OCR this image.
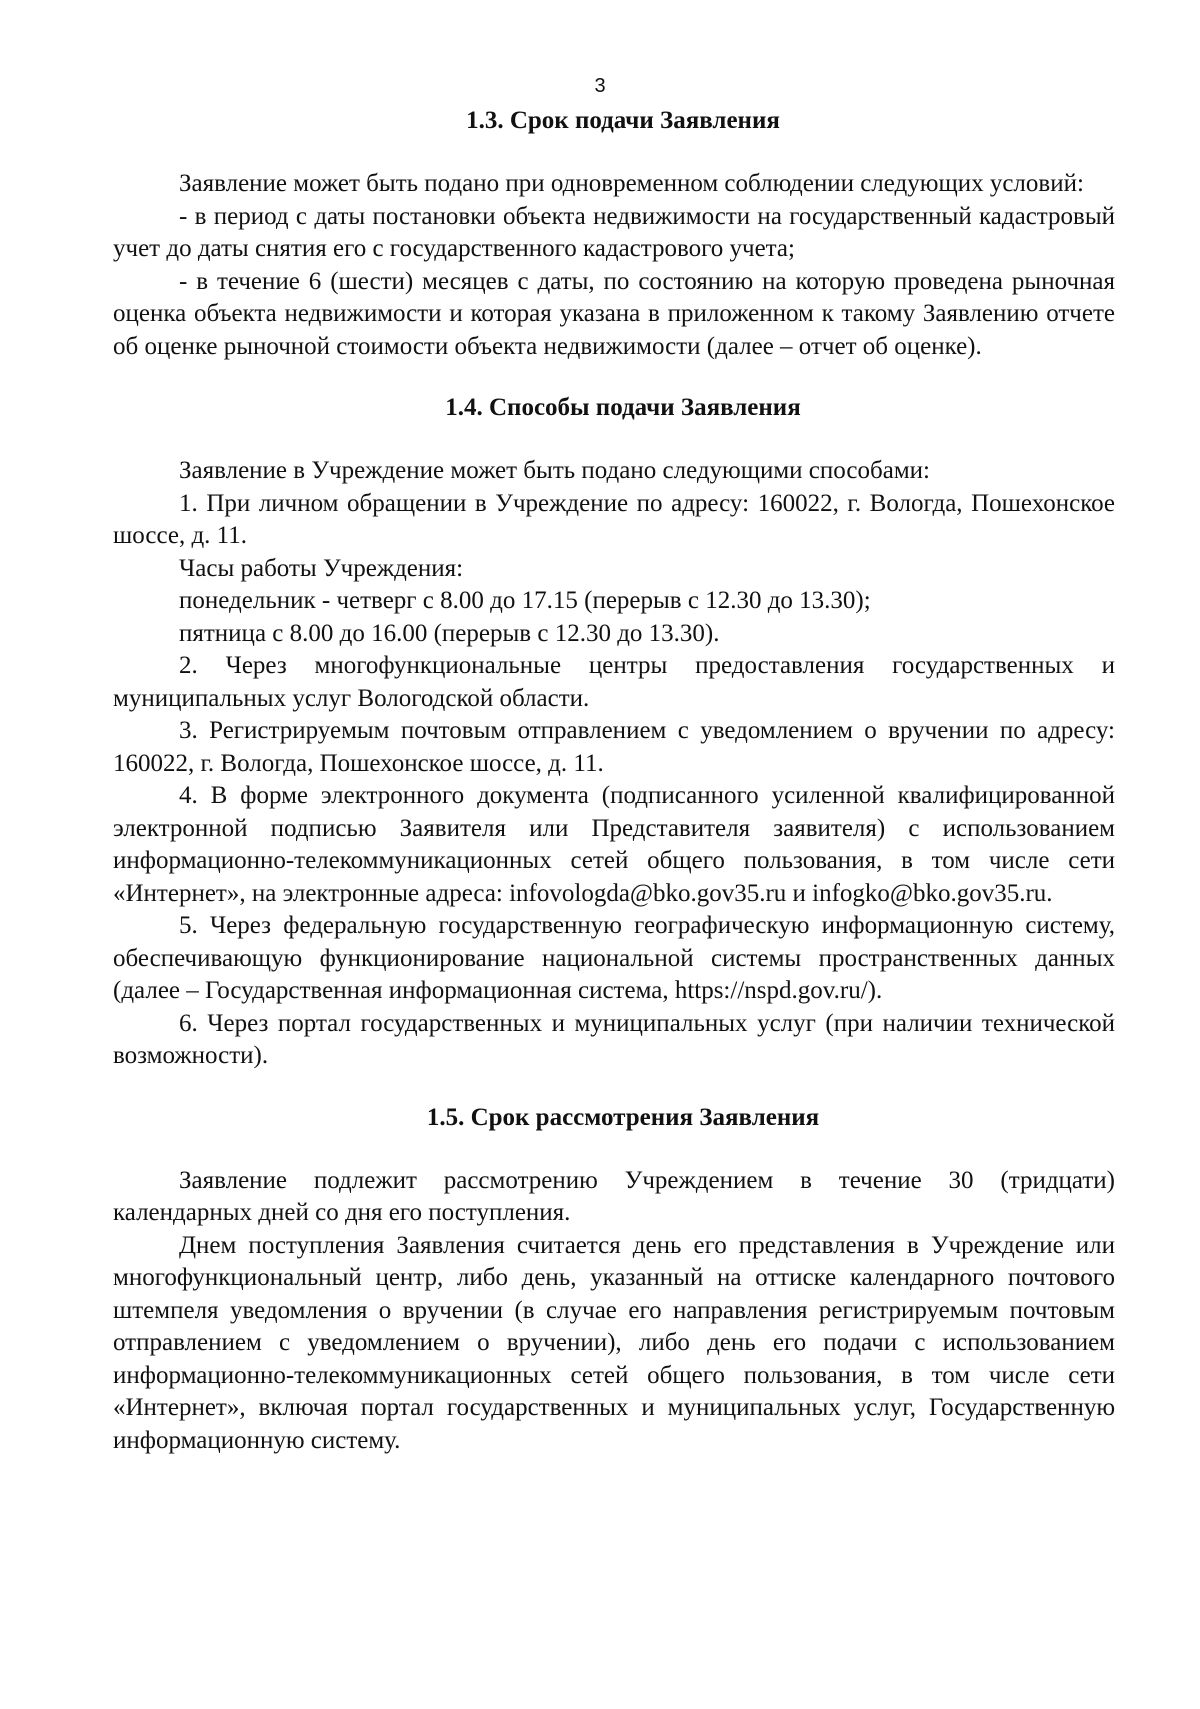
3
1.3. Срок подачи Заявления

Заявление может быть подано при одновременном соблюдении следующих условий:

- в период с даты постановки объекта недвижимости на государственный кадастровый учет до даты снятия его с государственного кадастрового учета;

- в течение 6 (шести) месяцев с даты, по состоянию на которую проведена рыночная оценка объекта недвижимости и которая указана в приложенном к такому Заявлению отчете об оценке рыночной стоимости объекта недвижимости (далее – отчет об оценке).

1.4. Способы подачи Заявления

Заявление в Учреждение может быть подано следующими способами:

1. При личном обращении в Учреждение по адресу: 160022, г. Вологда, Пошехонское шоссе, д. 11.

Часы работы Учреждения:

понедельник - четверг с 8.00 до 17.15 (перерыв с 12.30 до 13.30);

пятница с 8.00 до 16.00 (перерыв с 12.30 до 13.30).

2. Через многофункциональные центры предоставления государственных и муниципальных услуг Вологодской области.

3. Регистрируемым почтовым отправлением с уведомлением о вручении по адресу: 160022, г. Вологда, Пошехонское шоссе, д. 11.

4. В форме электронного документа (подписанного усиленной квалифицированной электронной подписью Заявителя или Представителя заявителя) с использованием информационно-телекоммуникационных сетей общего пользования, в том числе сети «Интернет», на электронные адреса: infovologda@bko.gov35.ru и infogko@bko.gov35.ru.

5. Через федеральную государственную географическую информационную систему, обеспечивающую функционирование национальной системы пространственных данных (далее – Государственная информационная система, https://nspd.gov.ru/).

6. Через портал государственных и муниципальных услуг (при наличии технической возможности).

1.5. Срок рассмотрения Заявления

Заявление подлежит рассмотрению Учреждением в течение 30 (тридцати) календарных дней со дня его поступления.

Днем поступления Заявления считается день его представления в Учреждение или многофункциональный центр, либо день, указанный на оттиске календарного почтового штемпеля уведомления о вручении (в случае его направления регистрируемым почтовым отправлением с уведомлением о вручении), либо день его подачи с использованием информационно-телекоммуникационных сетей общего пользования, в том числе сети «Интернет», включая портал государственных и муниципальных услуг, Государственную информационную систему.
